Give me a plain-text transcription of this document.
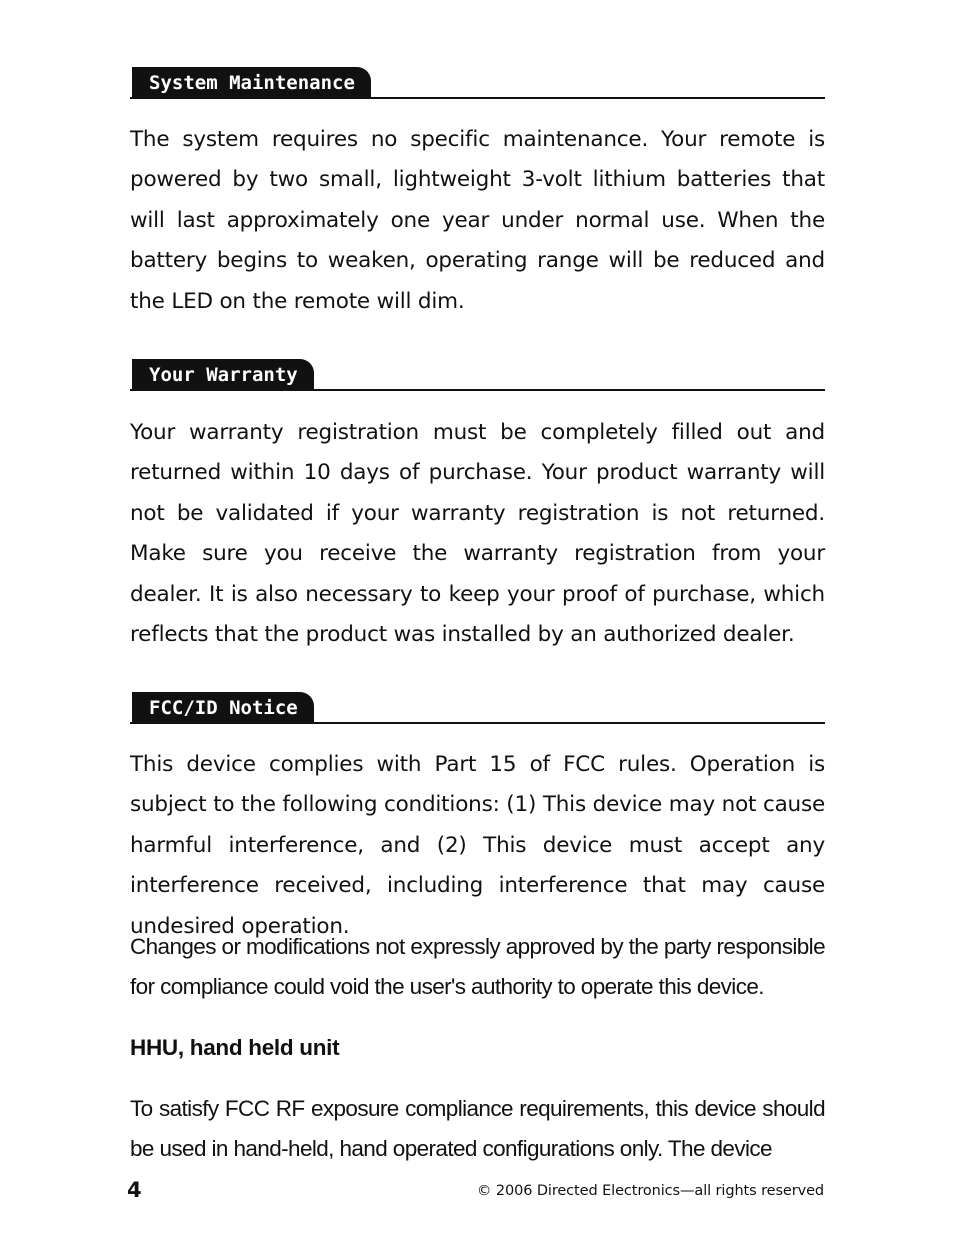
System Maintenance

The system requires no specific maintenance. Your remote is powered by two small, lightweight 3-volt lithium batteries that will last approximately one year under normal use. When the battery begins to weaken, operating range will be reduced and the LED on the remote will dim.

Your Warranty

Your warranty registration must be completely filled out and returned within 10 days of purchase. Your product warranty will not be validated if your warranty registration is not returned. Make sure you receive the warranty registration from your dealer. It is also necessary to keep your proof of purchase, which reflects that the product was installed by an authorized dealer.

FCC/ID Notice

This device complies with Part 15 of FCC rules. Operation is subject to the following conditions: (1) This device may not cause harmful interference, and (2) This device must accept any interference received, including interference that may cause undesired operation.

Changes or modifications not expressly approved by the party responsible for compliance could void the user's authority to operate this device.

HHU, hand held unit

To satisfy FCC RF exposure compliance requirements, this device should be used in hand-held, hand operated configurations only. The device

4	© 2006 Directed Electronics—all rights reserved
